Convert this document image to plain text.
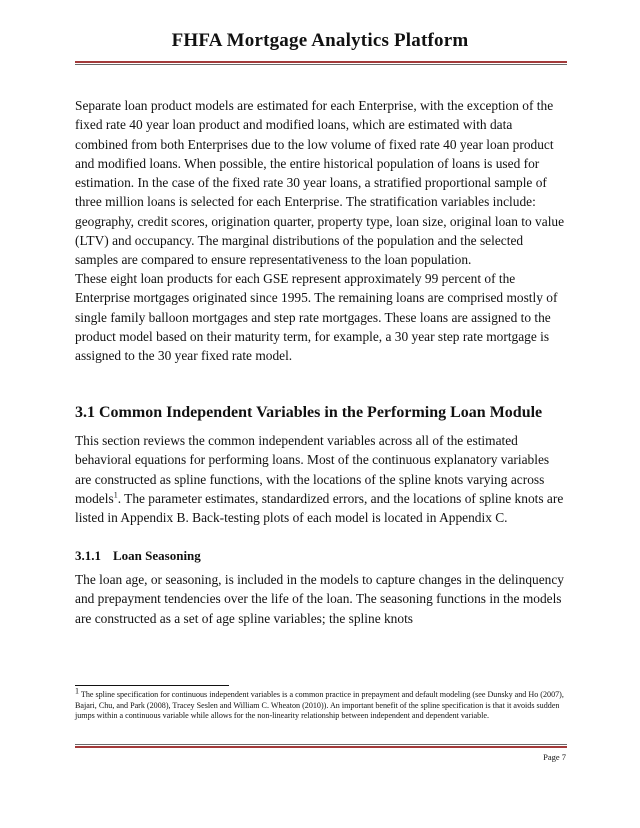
FHFA Mortgage Analytics Platform

Separate loan product models are estimated for each Enterprise, with the exception of the fixed rate 40 year loan product and modified loans, which are estimated with data combined from both Enterprises due to the low volume of fixed rate 40 year loan product and modified loans. When possible, the entire historical population of loans is used for estimation. In the case of the fixed rate 30 year loans, a stratified proportional sample of three million loans is selected for each Enterprise. The stratification variables include: geography, credit scores, origination quarter, property type, loan size, original loan to value (LTV) and occupancy. The marginal distributions of the population and the selected samples are compared to ensure representativeness to the loan population.

These eight loan products for each GSE represent approximately 99 percent of the Enterprise mortgages originated since 1995. The remaining loans are comprised mostly of single family balloon mortgages and step rate mortgages. These loans are assigned to the product model based on their maturity term, for example, a 30 year step rate mortgage is assigned to the 30 year fixed rate model.

3.1 Common Independent Variables in the Performing Loan Module

This section reviews the common independent variables across all of the estimated behavioral equations for performing loans. Most of the continuous explanatory variables are constructed as spline functions, with the locations of the spline knots varying across models$^1$. The parameter estimates, standardized errors, and the locations of spline knots are listed in Appendix B. Back-testing plots of each model is located in Appendix C.

3.1.1 Loan Seasoning

The loan age, or seasoning, is included in the models to capture changes in the delinquency and prepayment tendencies over the life of the loan. The seasoning functions in the models are constructed as a set of age spline variables; the spline knots

$^1$ The spline specification for continuous independent variables is a common practice in prepayment and default modeling (see Dunsky and Ho (2007), Bajari, Chu, and Park (2008), Tracey Seslen and William C. Wheaton (2010)). An important benefit of the spline specification is that it avoids sudden jumps within a continuous variable while allows for the non-linearity relationship between independent and dependent variable.

Page 7
